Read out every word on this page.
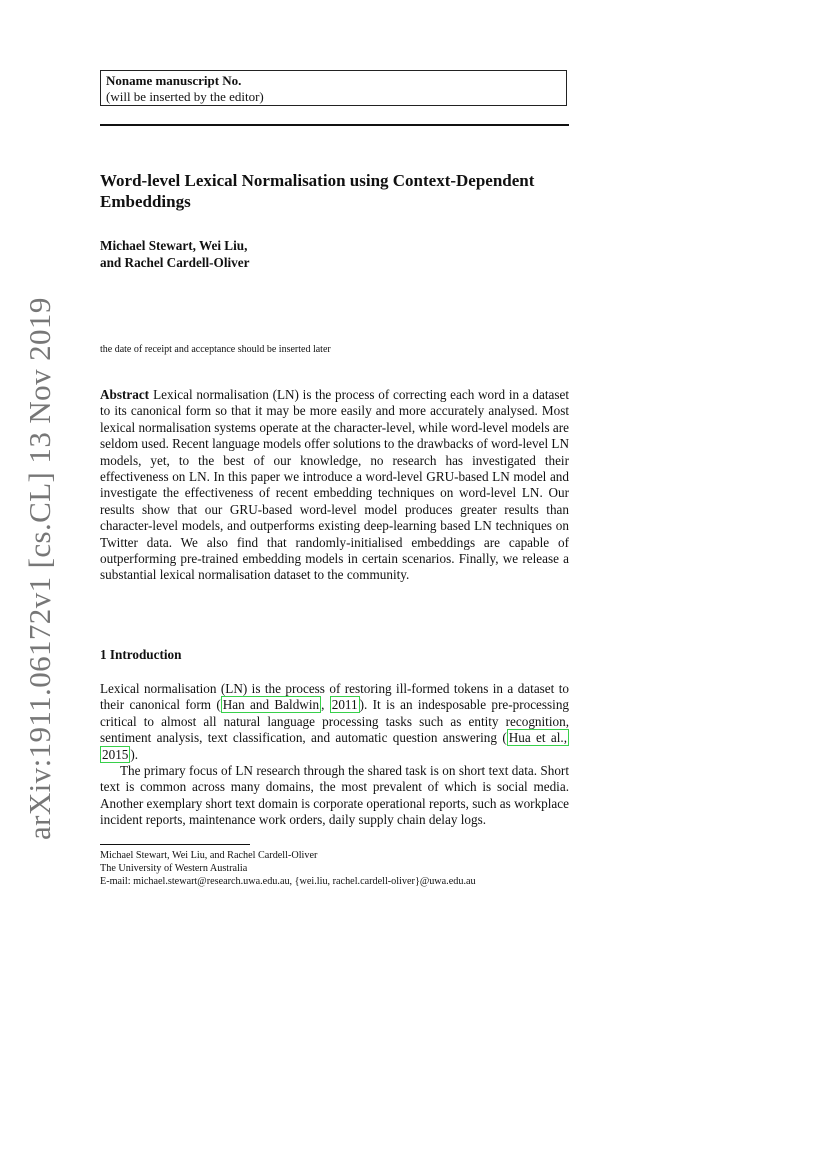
arXiv:1911.06172v1 [cs.CL] 13 Nov 2019
Noname manuscript No.
(will be inserted by the editor)
Word-level Lexical Normalisation using Context-Dependent Embeddings
Michael Stewart, Wei Liu,
and Rachel Cardell-Oliver
the date of receipt and acceptance should be inserted later
Abstract Lexical normalisation (LN) is the process of correcting each word in a dataset to its canonical form so that it may be more easily and more accurately analysed. Most lexical normalisation systems operate at the character-level, while word-level models are seldom used. Recent language models offer solutions to the drawbacks of word-level LN models, yet, to the best of our knowledge, no research has investigated their effectiveness on LN. In this paper we introduce a word-level GRU-based LN model and investigate the effectiveness of recent embedding techniques on word-level LN. Our results show that our GRU-based word-level model produces greater results than character-level models, and outperforms existing deep-learning based LN techniques on Twitter data. We also find that randomly-initialised embeddings are capable of outperforming pre-trained embedding models in certain scenarios. Finally, we release a substantial lexical normalisation dataset to the community.
1 Introduction

Lexical normalisation (LN) is the process of restoring ill-formed tokens in a dataset to their canonical form ( Han and Baldwin , 2011 ). It is an indesposable pre-processing critical to almost all natural language processing tasks such as entity recognition, sentiment analysis, text classification, and automatic question answering ( Hua et al., 2015 ).

The primary focus of LN research through the shared task is on short text data. Short text is common across many domains, the most prevalent of which is social media. Another exemplary short text domain is corporate operational reports, such as workplace incident reports, maintenance work orders, daily supply chain delay logs.

Michael Stewart, Wei Liu, and Rachel Cardell-Oliver
The University of Western Australia
E-mail: michael.stewart@research.uwa.edu.au, {wei.liu, rachel.cardell-oliver}@uwa.edu.au
